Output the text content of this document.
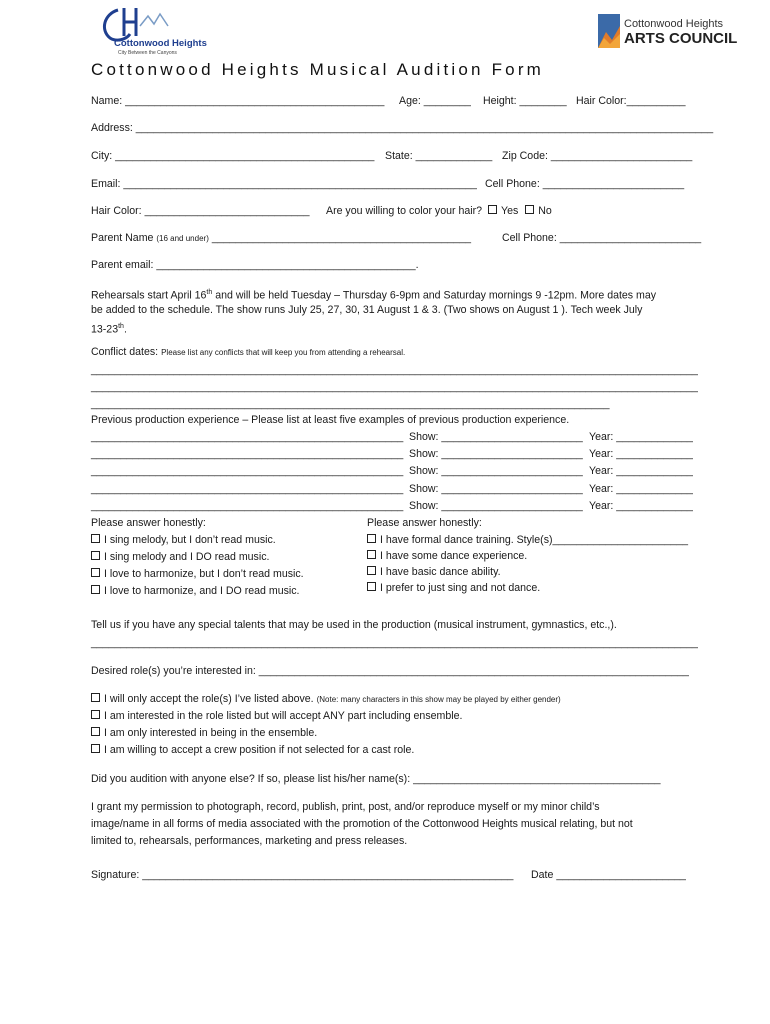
Cottonwood Heights
City Between the Canyons
Cottonwood Heights
ARTS COUNCIL
Cottonwood Heights Musical Audition Form
Name: ____________________________________________ Age: ________ Height: ________ Hair Color:__________
Address: __________________________________________________________________________________________________
City: ____________________________________________ State: _____________ Zip Code: ________________________
Email: ____________________________________________________________ Cell Phone: ________________________
Hair Color: ____________________________ Are you willing to color your hair? Yes No
Parent Name (16 and under) ____________________________________________	Cell Phone: ________________________
Parent email: ____________________________________________.
Rehearsals start April 16th and will be held Tuesday – Thursday 6-9pm and Saturday mornings 9 -12pm. More dates may
be added to the schedule. The show runs July 25, 27, 30, 31 August 1 & 3. (Two shows on August 1 ). Tech week July
13-23th.
Conflict dates: Please list any conflicts that will keep you from attending a rehearsal.
_______________________________________________________________________________________________________
_______________________________________________________________________________________________________
________________________________________________________________________________________
Previous production experience – Please list at least five examples of previous production experience.
_____________________________________________________ Show: ________________________ Year: _____________
_____________________________________________________ Show: ________________________ Year: _____________
_____________________________________________________ Show: ________________________ Year: _____________
_____________________________________________________ Show: ________________________ Year: _____________
_____________________________________________________ Show: ________________________ Year: _____________
Please answer honestly:
I sing melody, but I don’t read music.
I sing melody and I DO read music.
I love to harmonize, but I don’t read music.
I love to harmonize, and I DO read music.
Please answer honestly:
I have formal dance training. Style(s)_______________________
I have some dance experience.
I have basic dance ability.
I prefer to just sing and not dance.
Tell us if you have any special talents that may be used in the production (musical instrument, gymnastics, etc.,).
_______________________________________________________________________________________________________
Desired role(s) you’re interested in: _________________________________________________________________________
I will only accept the role(s) I’ve listed above. (Note: many characters in this show may be played by either gender)
I am interested in the role listed but will accept ANY part including ensemble.
I am only interested in being in the ensemble.
I am willing to accept a crew position if not selected for a cast role.
Did you audition with anyone else? If so, please list his/her name(s): __________________________________________
I grant my permission to photograph, record, publish, print, post, and/or reproduce myself or my minor child’s
image/name in all forms of media associated with the promotion of the Cottonwood Heights musical relating, but not
limited to, rehearsals, performances, marketing and press releases.
Signature: _______________________________________________________________ Date ______________________
